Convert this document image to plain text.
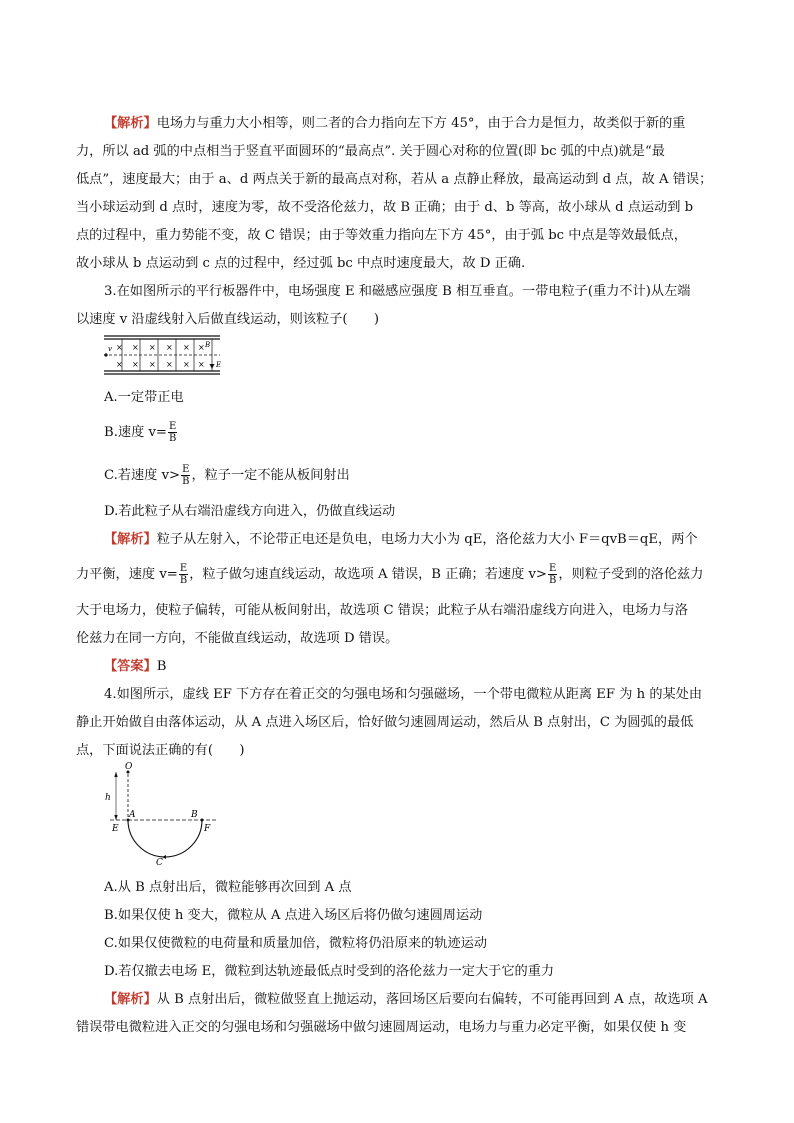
【解析】电场力与重力大小相等，则二者的合力指向左下方 45°，由于合力是恒力，故类似于新的重
力，所以 ad 弧的中点相当于竖直平面圆环的“最高点”. 关于圆心对称的位置(即 bc 弧的中点)就是“最
低点”，速度最大；由于 a、d 两点关于新的最高点对称，若从 a 点静止释放，最高运动到 d 点，故 A 错误；
当小球运动到 d 点时，速度为零，故不受洛伦兹力，故 B 正确；由于 d、b 等高，故小球从 d 点运动到 b
点的过程中，重力势能不变，故 C 错误；由于等效重力指向左下方 45°，由于弧 bc 中点是等效最低点，
故小球从 b 点运动到 c 点的过程中，经过弧 bc 中点时速度最大，故 D 正确.
3.在如图所示的平行板器件中，电场强度 E 和磁感应强度 B 相互垂直。一带电粒子(重力不计)从左端
以速度 v 沿虚线射入后做直线运动，则该粒子(　　)
v	B
E
× × × × × ×
× × × × × ×
A.一定带正电
B.速度 $v= \frac{E}{B}$
C.若速度 $v> \frac{E}{B}$ ，粒子一定不能从板间射出
D.若此粒子从右端沿虚线方向进入，仍做直线运动
【解析】粒子从左射入，不论带正电还是负电，电场力大小为 qE，洛伦兹力大小 F＝qvB＝qE，两个
力平衡，速度 $v= \frac{E}{B}$ ，粒子做匀速直线运动，故选项 A 错误，B 正确；若速度 $v> \frac{E}{B}$ ，则粒子受到的洛伦兹力
大于电场力，使粒子偏转，可能从板间射出，故选项 C 错误；此粒子从右端沿虚线方向进入，电场力与洛
伦兹力在同一方向，不能做直线运动，故选项 D 错误。
【答案】B
4.如图所示，虚线 EF 下方存在着正交的匀强电场和匀强磁场，一个带电微粒从距离 EF 为 h 的某处由
静止开始做自由落体运动，从 A 点进入场区后，恰好做匀速圆周运动，然后从 B 点射出，C 为圆弧的最低
点，下面说法正确的有(　　)
O
h
A	B
E	F
C
A.从 B 点射出后，微粒能够再次回到 A 点
B.如果仅使 h 变大，微粒从 A 点进入场区后将仍做匀速圆周运动
C.如果仅使微粒的电荷量和质量加倍，微粒将仍沿原来的轨迹运动
D.若仅撤去电场 E，微粒到达轨迹最低点时受到的洛伦兹力一定大于它的重力
【解析】从 B 点射出后，微粒做竖直上抛运动，落回场区后要向右偏转，不可能再回到 A 点，故选项 A
错误带电微粒进入正交的匀强电场和匀强磁场中做匀速圆周运动，电场力与重力必定平衡，如果仅使 h 变
